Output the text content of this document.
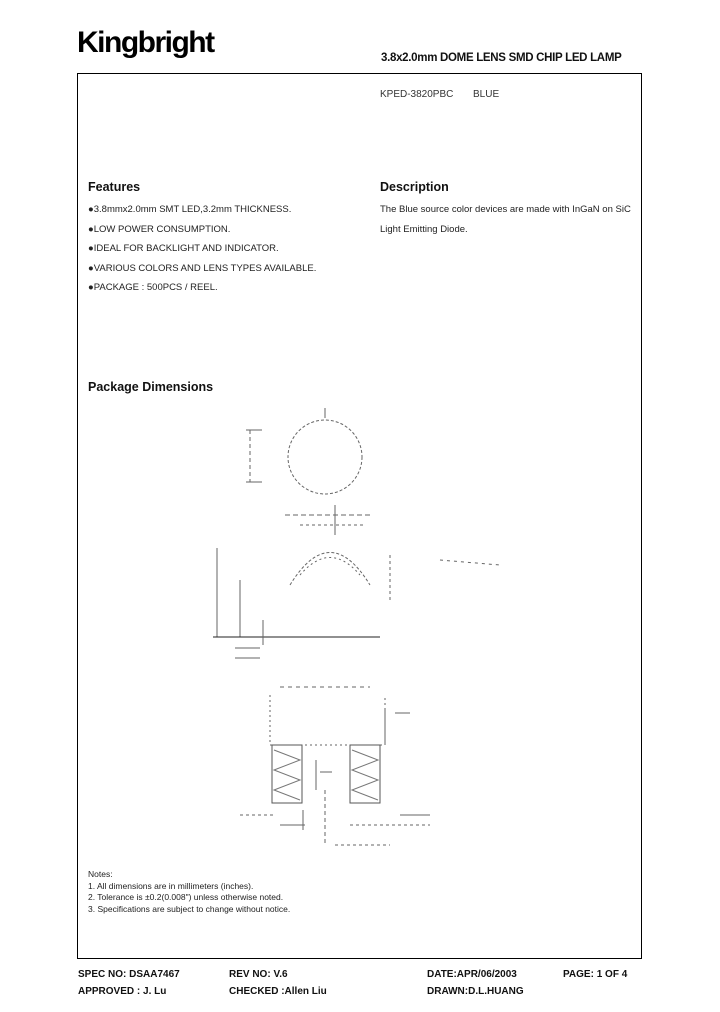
Kingbright	3.8x2.0mm DOME LENS SMD CHIP LED LAMP
KPED-3820PBC BLUE
Features
●3.8mmx2.0mm SMT LED,3.2mm THICKNESS.
●LOW POWER CONSUMPTION.
●IDEAL FOR BACKLIGHT AND INDICATOR.
●VARIOUS COLORS AND LENS TYPES AVAILABLE.
●PACKAGE : 500PCS / REEL.
Description
The Blue source color devices are made with InGaN on SiC Light Emitting Diode.
Package Dimensions
Notes:
1. All dimensions are in millimeters (inches).
2. Tolerance is ±0.2(0.008") unless otherwise noted.
3. Specifications are subject to change without notice.
SPEC NO: DSAA7467	REV NO: V.6	DATE:APR/06/2003	PAGE: 1 OF 4
APPROVED : J. Lu	CHECKED :Allen Liu	DRAWN:D.L.HUANG
